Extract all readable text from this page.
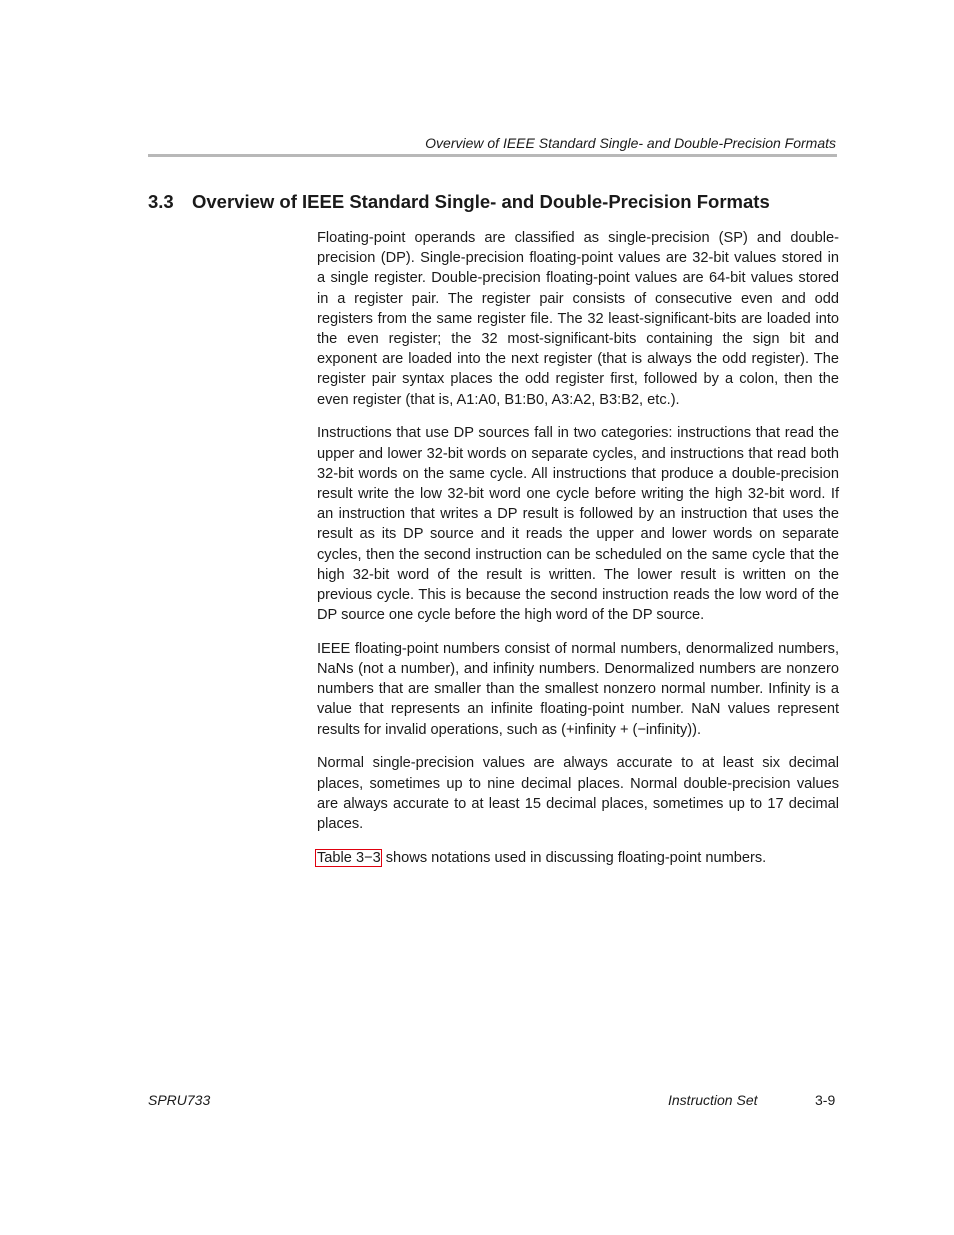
Overview of IEEE Standard Single- and Double-Precision Formats
3.3 Overview of IEEE Standard Single- and Double-Precision Formats

Floating-point operands are classified as single-precision (SP) and double-precision (DP). Single-precision floating-point values are 32-bit values stored in a single register. Double-precision floating-point values are 64-bit values stored in a register pair. The register pair consists of consecutive even and odd registers from the same register file. The 32 least-significant-bits are loaded into the even register; the 32 most-significant-bits containing the sign bit and exponent are loaded into the next register (that is always the odd register). The register pair syntax places the odd register first, followed by a colon, then the even register (that is, A1:A0, B1:B0, A3:A2, B3:B2, etc.).

Instructions that use DP sources fall in two categories: instructions that read the upper and lower 32-bit words on separate cycles, and instructions that read both 32-bit words on the same cycle. All instructions that produce a double-precision result write the low 32-bit word one cycle before writing the high 32-bit word. If an instruction that writes a DP result is followed by an instruction that uses the result as its DP source and it reads the upper and lower words on separate cycles, then the second instruction can be scheduled on the same cycle that the high 32-bit word of the result is written. The lower result is written on the previous cycle. This is because the second instruction reads the low word of the DP source one cycle before the high word of the DP source.

IEEE floating-point numbers consist of normal numbers, denormalized numbers, NaNs (not a number), and infinity numbers. Denormalized numbers are nonzero numbers that are smaller than the smallest nonzero normal number. Infinity is a value that represents an infinite floating-point number. NaN values represent results for invalid operations, such as (+infinity + (−infinity)).

Normal single-precision values are always accurate to at least six decimal places, sometimes up to nine decimal places. Normal double-precision values are always accurate to at least 15 decimal places, sometimes up to 17 decimal places.

Table 3−3 shows notations used in discussing floating-point numbers.

SPRU733	Instruction Set	3-9
